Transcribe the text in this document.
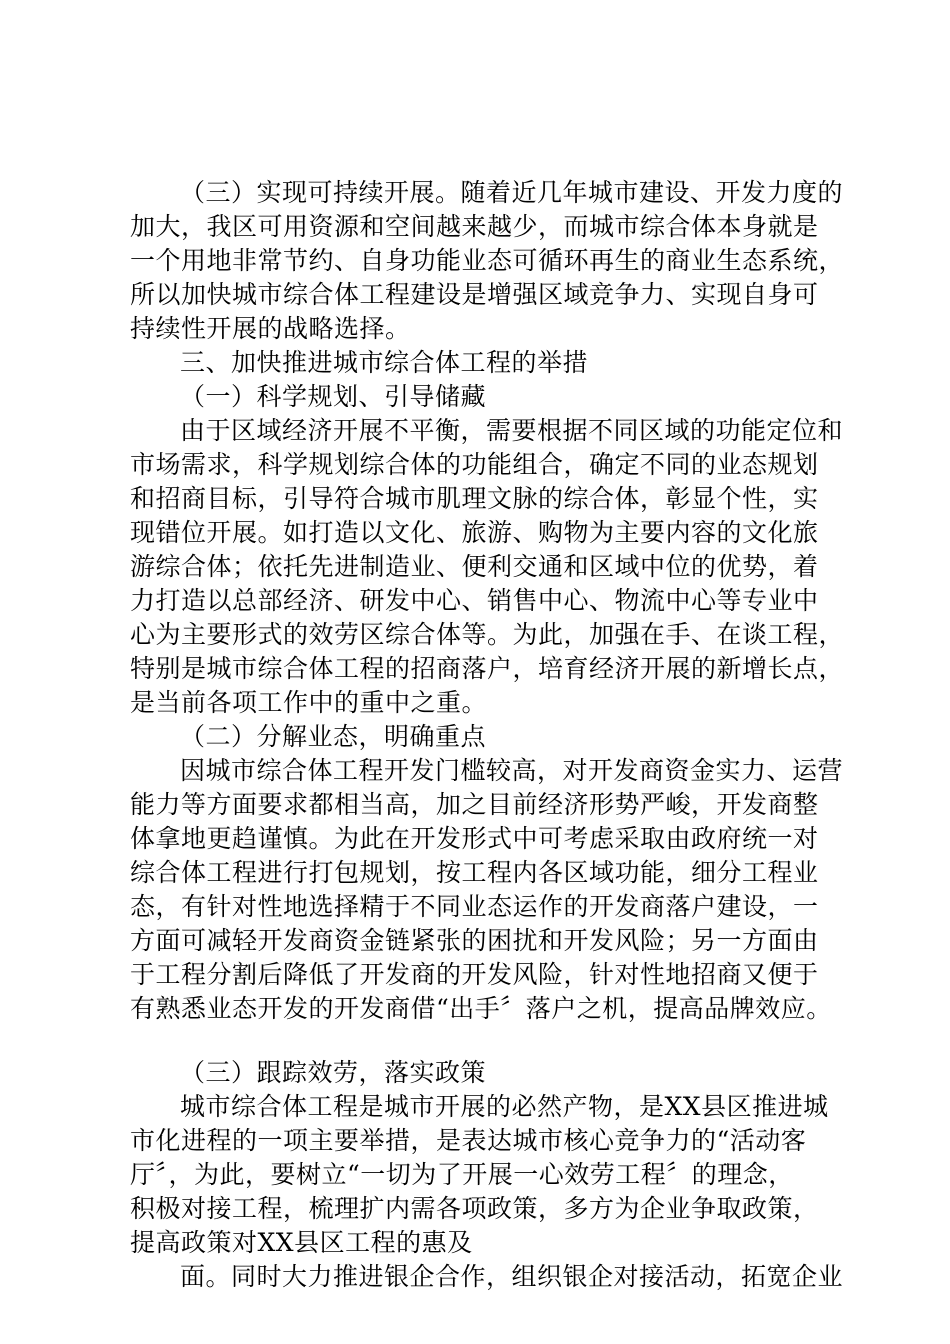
（三）实现可持续开展。随着近几年城市建设、开发力度的
加大，我区可用资源和空间越来越少，而城市综合体本身就是
一个用地非常节约、自身功能业态可循环再生的商业生态系统，
所以加快城市综合体工程建设是增强区域竞争力、实现自身可
持续性开展的战略选择。
三、加快推进城市综合体工程的举措
（一）科学规划、引导储藏
由于区域经济开展不平衡，需要根据不同区域的功能定位和
市场需求，科学规划综合体的功能组合，确定不同的业态规划
和招商目标，引导符合城市肌理文脉的综合体，彰显个性，实
现错位开展。如打造以文化、旅游、购物为主要内容的文化旅
游综合体；依托先进制造业、便利交通和区域中位的优势，着
力打造以总部经济、研发中心、销售中心、物流中心等专业中
心为主要形式的效劳区综合体等。为此，加强在手、在谈工程，
特别是城市综合体工程的招商落户，培育经济开展的新增长点，
是当前各项工作中的重中之重。
（二）分解业态，明确重点
因城市综合体工程开发门槛较高，对开发商资金实力、运营
能力等方面要求都相当高，加之目前经济形势严峻，开发商整
体拿地更趋谨慎。为此在开发形式中可考虑采取由政府统一对
综合体工程进行打包规划，按工程内各区域功能，细分工程业
态，有针对性地选择精于不同业态运作的开发商落户建设，一
方面可减轻开发商资金链紧张的困扰和开发风险；另一方面由
于工程分割后降低了开发商的开发风险，针对性地招商又便于
有熟悉业态开发的开发商借“出手〞落户之机，提高品牌效应。
（三）跟踪效劳，落实政策
城市综合体工程是城市开展的必然产物，是XX县区推进城
市化进程的一项主要举措，是表达城市核心竞争力的“活动客
厅〞，为此，要树立“一切为了开展一心效劳工程〞的理念，
积极对接工程，梳理扩内需各项政策，多方为企业争取政策，
提高政策对XX县区工程的惠及
面。同时大力推进银企合作，组织银企对接活动，拓宽企业
